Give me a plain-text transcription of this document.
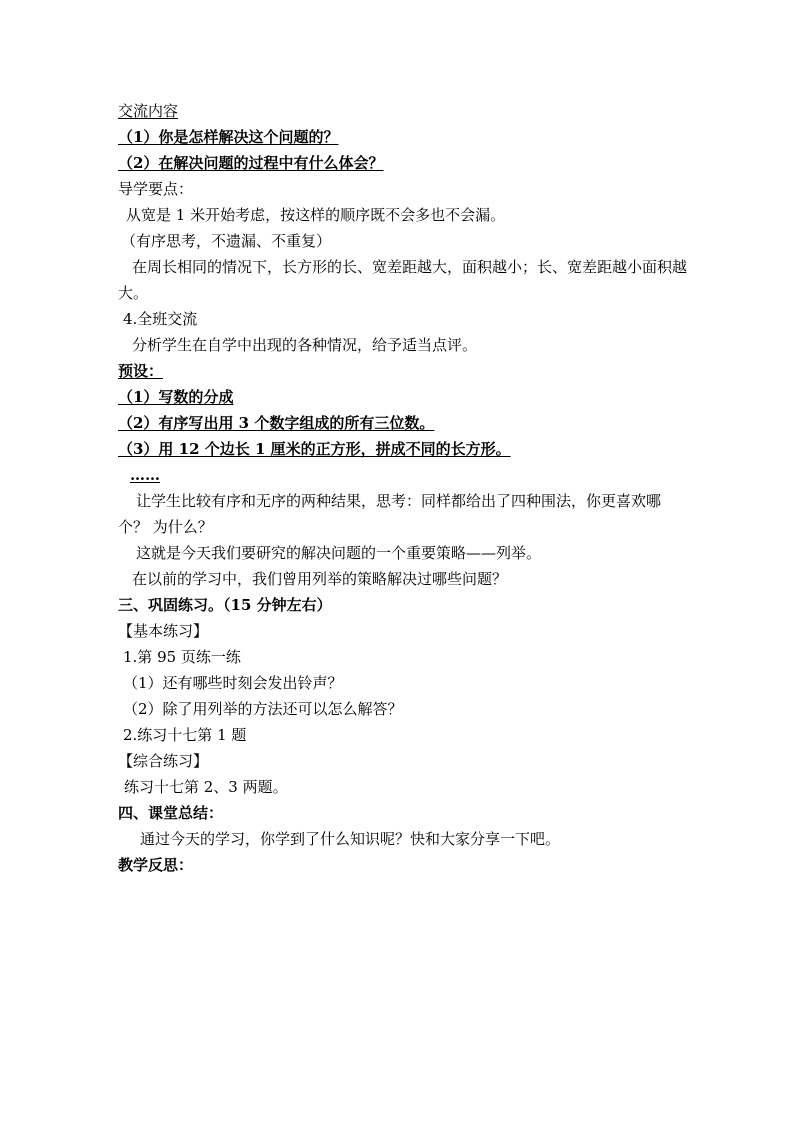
交流内容
（1）你是怎样解决这个问题的？
（2）在解决问题的过程中有什么体会？
导学要点：
从宽是 1 米开始考虑，按这样的顺序既不会多也不会漏。
（有序思考，不遗漏、不重复）
在周长相同的情况下，长方形的长、宽差距越大，面积越小；长、宽差距越小面积越大。
4.全班交流
分析学生在自学中出现的各种情况，给予适当点评。
预设：
（1）写数的分成
（2）有序写出用 3 个数字组成的所有三位数。
（3）用 12 个边长 1 厘米的正方形，拼成不同的长方形。
……
让学生比较有序和无序的两种结果，思考：同样都给出了四种围法，你更喜欢哪个？ 为什么？
这就是今天我们要研究的解决问题的一个重要策略——列举。
在以前的学习中，我们曾用列举的策略解决过哪些问题？
三、巩固练习。（15 分钟左右）
【基本练习】
1.第 95 页练一练
（1）还有哪些时刻会发出铃声？
（2）除了用列举的方法还可以怎么解答？
2.练习十七第 1 题
【综合练习】
练习十七第 2、3 两题。
四、课堂总结：
通过今天的学习，你学到了什么知识呢？快和大家分享一下吧。
教学反思：
